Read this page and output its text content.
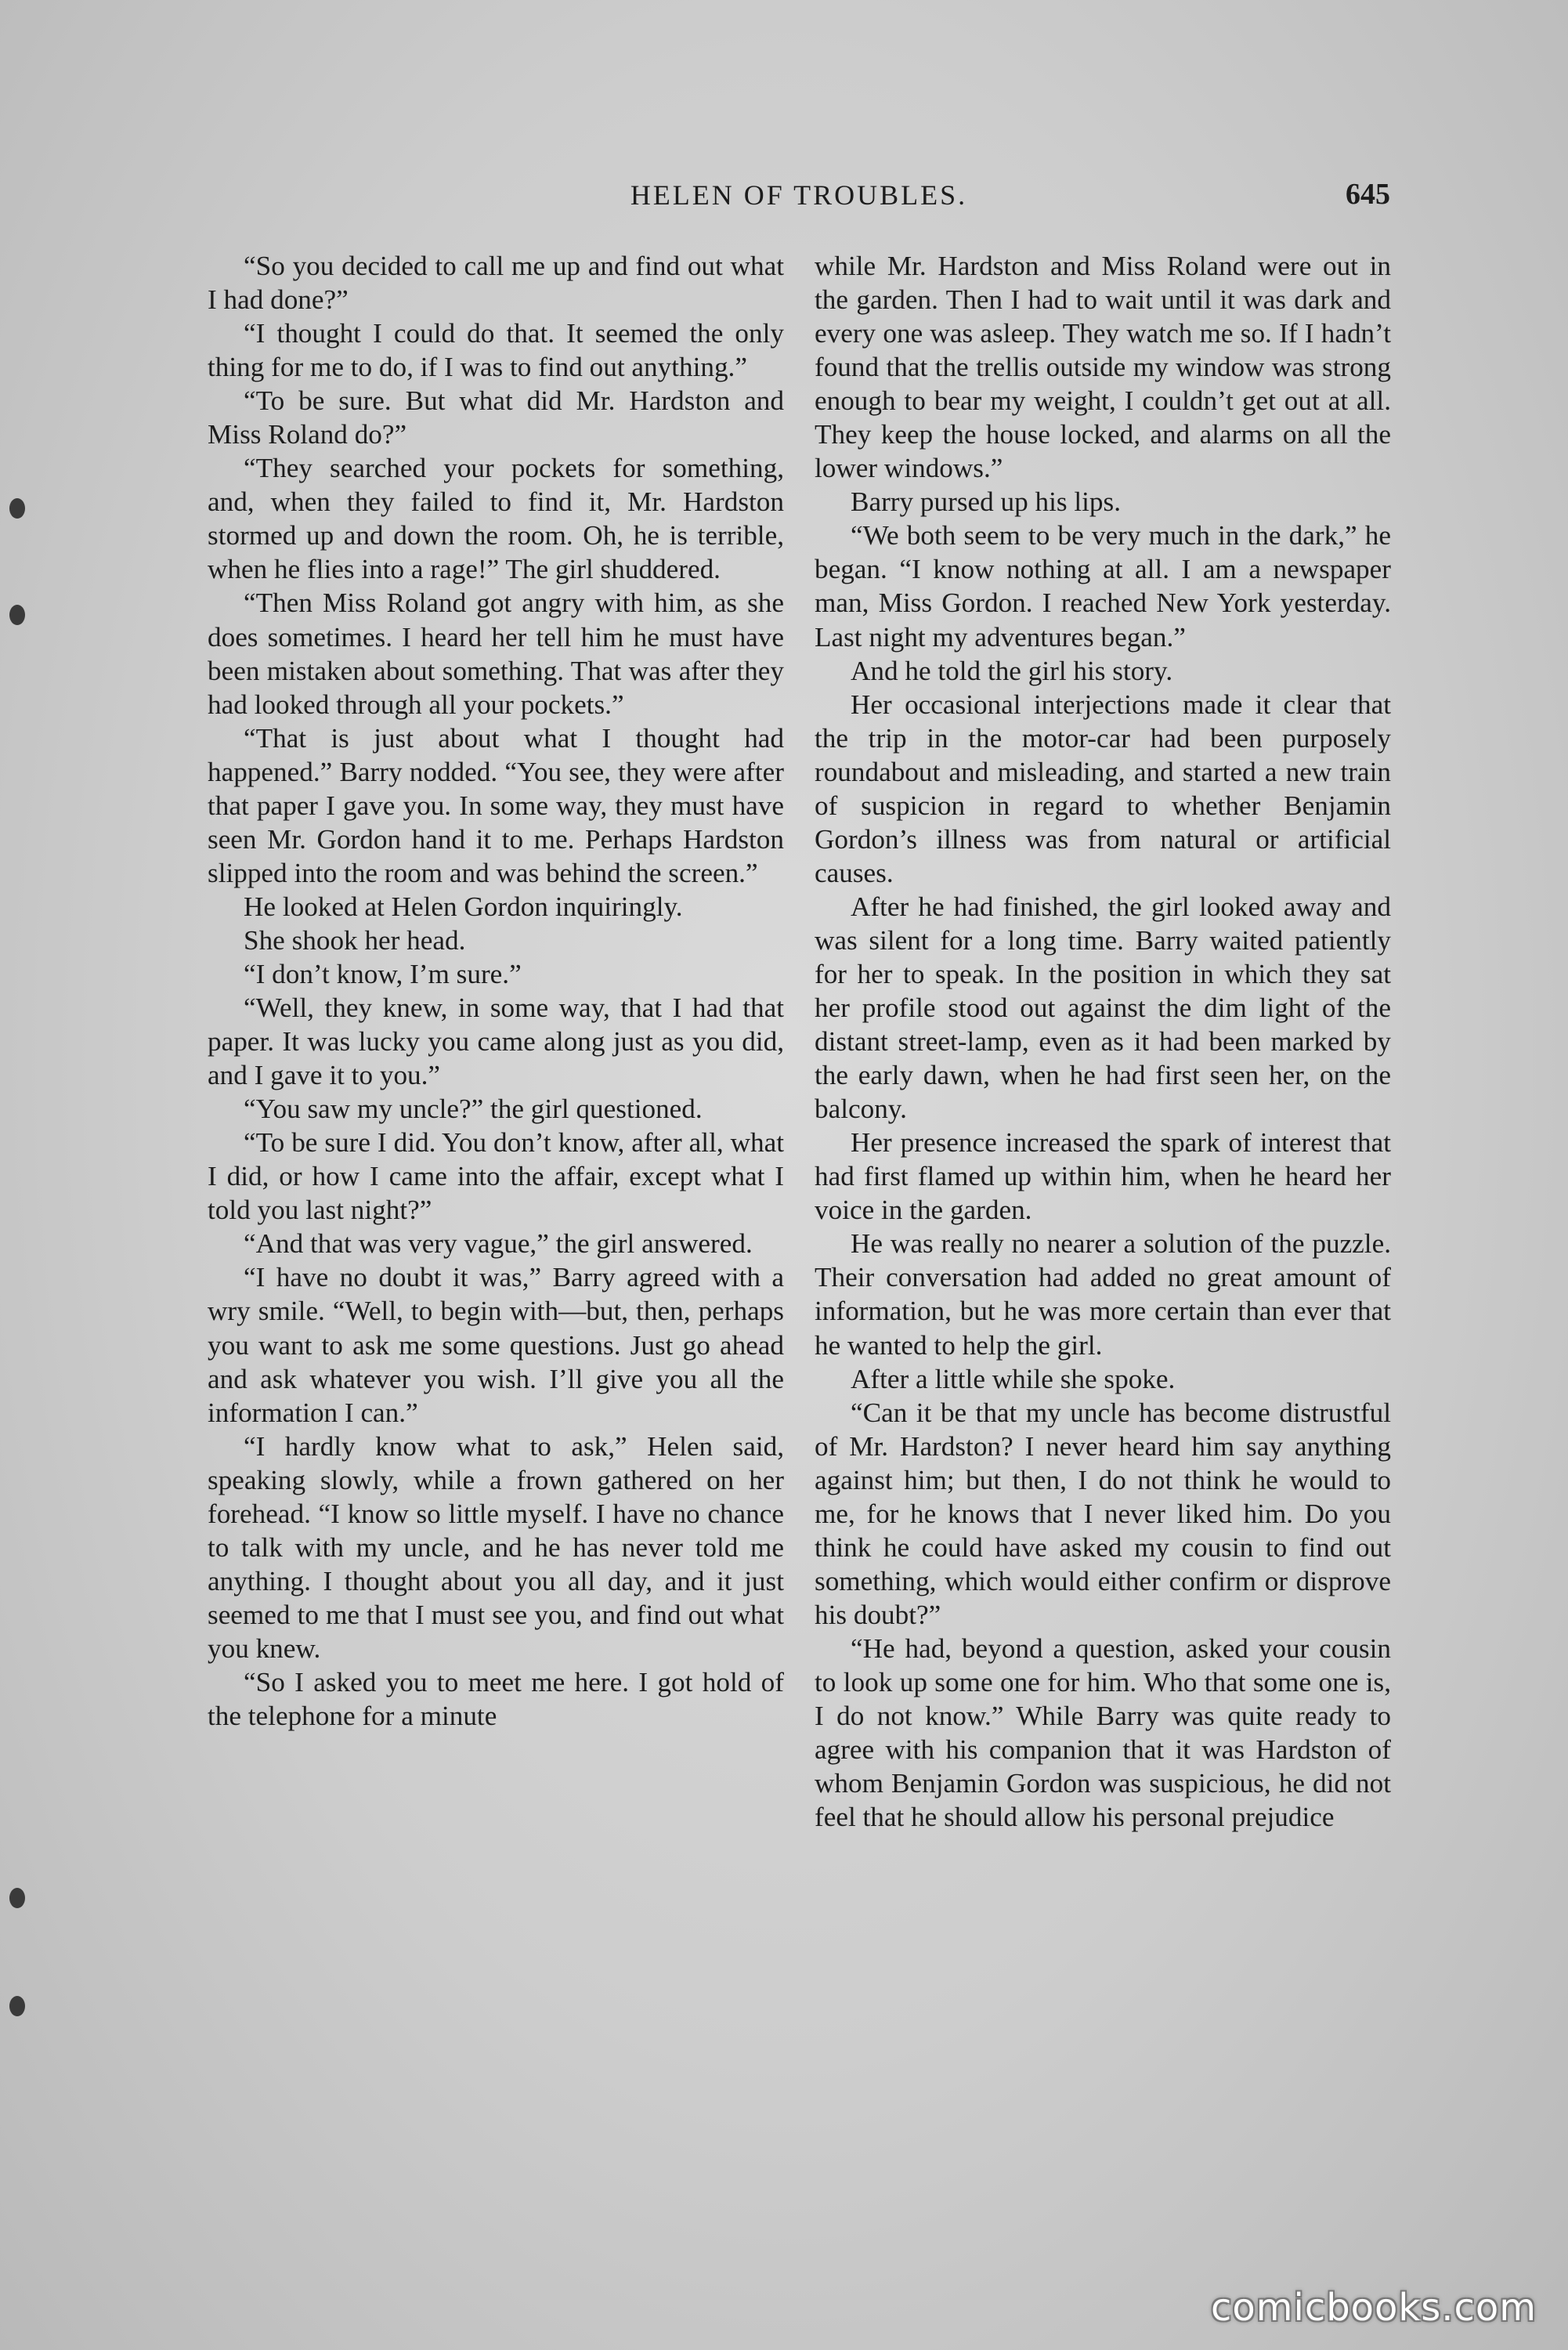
HELEN OF TROUBLES.	645

“So you decided to call me up and find out what I had done?”

“I thought I could do that. It seemed the only thing for me to do, if I was to find out anything.”

“To be sure. But what did Mr. Hardston and Miss Roland do?”

“They searched your pockets for something, and, when they failed to find it, Mr. Hardston stormed up and down the room. Oh, he is terrible, when he flies into a rage!” The girl shuddered.

“Then Miss Roland got angry with him, as she does sometimes. I heard her tell him he must have been mistaken about something. That was after they had looked through all your pockets.”

“That is just about what I thought had happened.” Barry nodded. “You see, they were after that paper I gave you. In some way, they must have seen Mr. Gordon hand it to me. Perhaps Hardston slipped into the room and was behind the screen.”

He looked at Helen Gordon inquiringly.

She shook her head.

“I don’t know, I’m sure.”

“Well, they knew, in some way, that I had that paper. It was lucky you came along just as you did, and I gave it to you.”

“You saw my uncle?” the girl questioned.

“To be sure I did. You don’t know, after all, what I did, or how I came into the affair, except what I told you last night?”

“And that was very vague,” the girl answered.

“I have no doubt it was,” Barry agreed with a wry smile. “Well, to begin with—but, then, perhaps you want to ask me some questions. Just go ahead and ask whatever you wish. I’ll give you all the information I can.”

“I hardly know what to ask,” Helen said, speaking slowly, while a frown gathered on her forehead. “I know so little myself. I have no chance to talk with my uncle, and he has never told me anything. I thought about you all day, and it just seemed to me that I must see you, and find out what you knew.

“So I asked you to meet me here. I got hold of the telephone for a minute

while Mr. Hardston and Miss Roland were out in the garden. Then I had to wait until it was dark and every one was asleep. They watch me so. If I hadn’t found that the trellis outside my window was strong enough to bear my weight, I couldn’t get out at all. They keep the house locked, and alarms on all the lower windows.”

Barry pursed up his lips.

“We both seem to be very much in the dark,” he began. “I know nothing at all. I am a newspaper man, Miss Gordon. I reached New York yesterday. Last night my adventures began.”

And he told the girl his story.

Her occasional interjections made it clear that the trip in the motor-car had been purposely roundabout and misleading, and started a new train of suspicion in regard to whether Benjamin Gordon’s illness was from natural or artificial causes.

After he had finished, the girl looked away and was silent for a long time. Barry waited patiently for her to speak. In the position in which they sat her profile stood out against the dim light of the distant street-lamp, even as it had been marked by the early dawn, when he had first seen her, on the balcony.

Her presence increased the spark of interest that had first flamed up within him, when he heard her voice in the garden.

He was really no nearer a solution of the puzzle. Their conversation had added no great amount of information, but he was more certain than ever that he wanted to help the girl.

After a little while she spoke.

“Can it be that my uncle has become distrustful of Mr. Hardston? I never heard him say anything against him; but then, I do not think he would to me, for he knows that I never liked him. Do you think he could have asked my cousin to find out something, which would either confirm or disprove his doubt?”

“He had, beyond a question, asked your cousin to look up some one for him. Who that some one is, I do not know.” While Barry was quite ready to agree with his companion that it was Hardston of whom Benjamin Gordon was suspicious, he did not feel that he should allow his personal prejudice

comicbooks.com
